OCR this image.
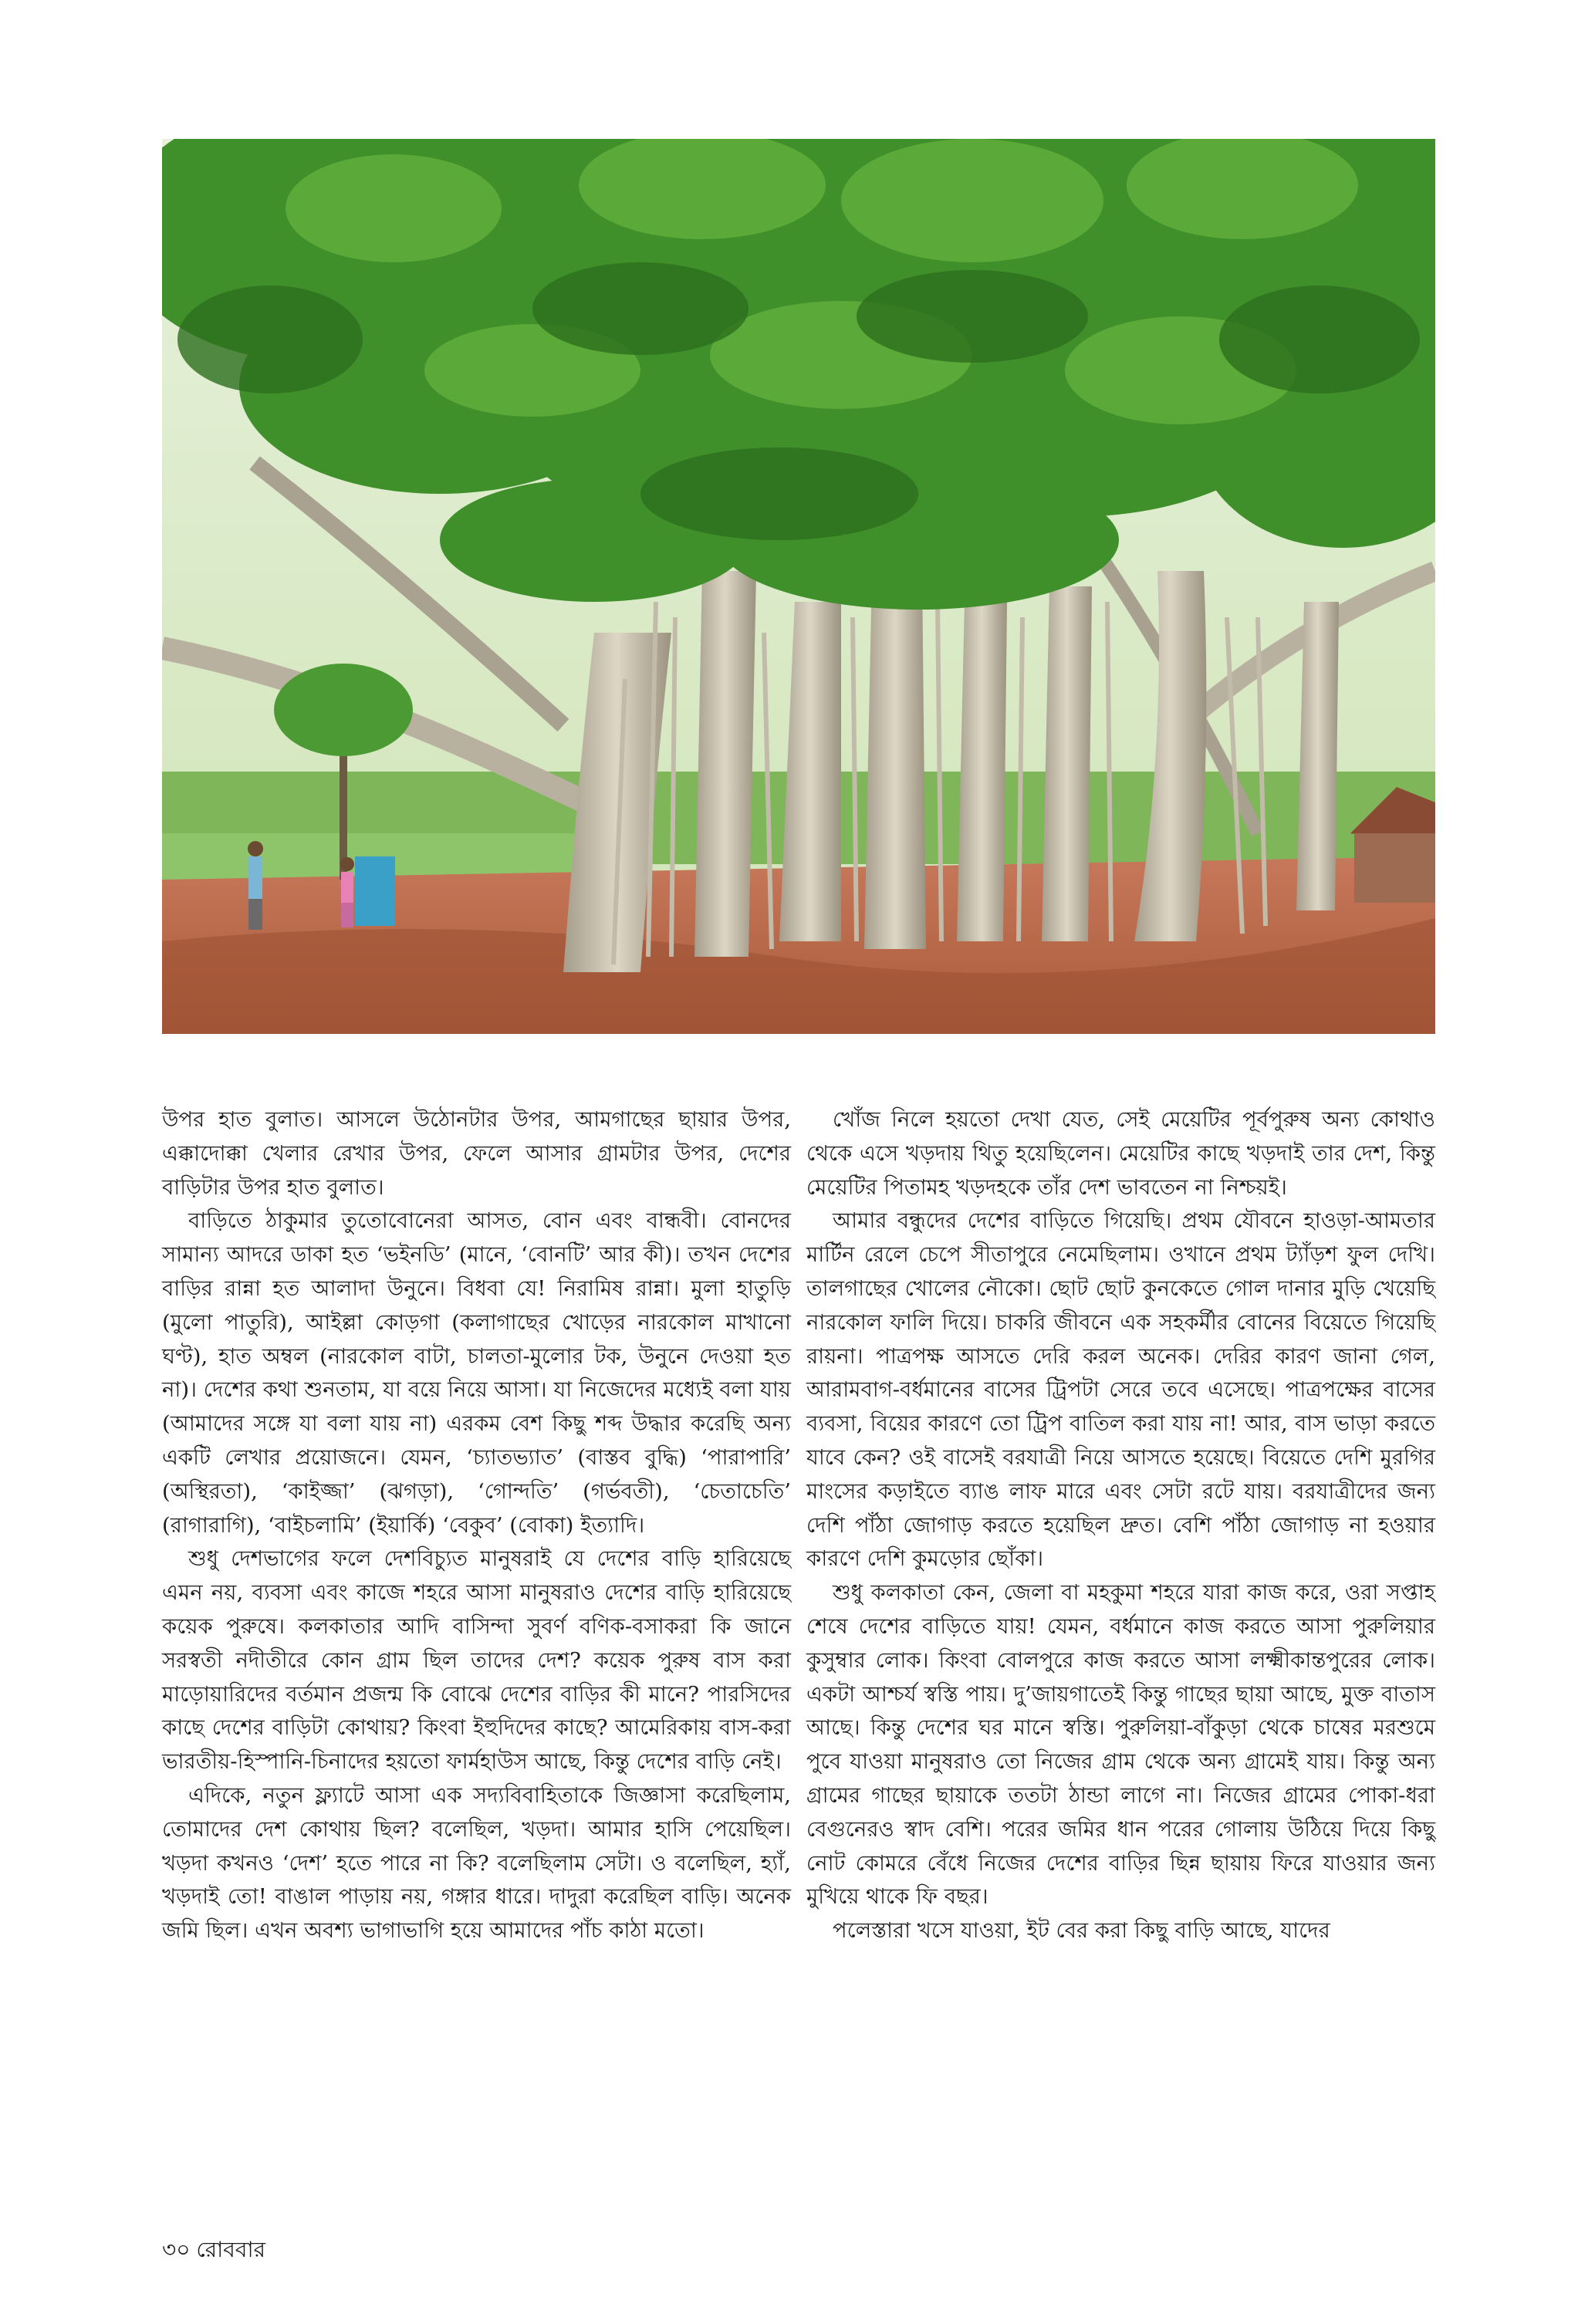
উপর হাত বুলাত। আসলে উঠোনটার উপর, আমগাছের ছায়ার উপর, এক্কাদোক্কা খেলার রেখার উপর, ফেলে আসার গ্রামটার উপর, দেশের বাড়িটার উপর হাত বুলাত।

বাড়িতে ঠাকুমার তুতোবোনেরা আসত, বোন এবং বান্ধবী। বোনদের সামান্য আদরে ডাকা হত ‘ভইনডি’ (মানে, ‘বোনটি’ আর কী)। তখন দেশের বাড়ির রান্না হত আলাদা উনুনে। বিধবা যে! নিরামিষ রান্না। মুলা হাতুড়ি (মুলো পাতুরি), আইল্লা কোড়গা (কলাগাছের খোড়ের নারকোল মাখানো ঘণ্ট), হাত অম্বল (নারকোল বাটা, চালতা-মুলোর টক, উনুনে দেওয়া হত না)। দেশের কথা শুনতাম, যা বয়ে নিয়ে আসা। যা নিজেদের মধ্যেই বলা যায় (আমাদের সঙ্গে যা বলা যায় না) এরকম বেশ কিছু শব্দ উদ্ধার করেছি অন্য একটি লেখার প্রয়োজনে। যেমন, ‘চ্যাতভ্যাত’ (বাস্তব বুদ্ধি) ‘পারাপারি’ (অস্থিরতা), ‘কাইজ্জা’ (ঝগড়া), ‘গোন্দতি’ (গর্ভবতী), ‘চেতাচেতি’ (রাগারাগি), ‘বাইচলামি’ (ইয়ার্কি) ‘বেকুব’ (বোকা) ইত্যাদি।

শুধু দেশভাগের ফলে দেশবিচ্যুত মানুষরাই যে দেশের বাড়ি হারিয়েছে এমন নয়, ব্যবসা এবং কাজে শহরে আসা মানুষরাও দেশের বাড়ি হারিয়েছে কয়েক পুরুষে। কলকাতার আদি বাসিন্দা সুবর্ণ বণিক-বসাকরা কি জানে সরস্বতী নদীতীরে কোন গ্রাম ছিল তাদের দেশ? কয়েক পুরুষ বাস করা মাড়োয়ারিদের বর্তমান প্রজন্ম কি বোঝে দেশের বাড়ির কী মানে? পারসিদের কাছে দেশের বাড়িটা কোথায়? কিংবা ইহুদিদের কাছে? আমেরিকায় বাস-করা ভারতীয়-হিস্পানি-চিনাদের হয়তো ফার্মহাউস আছে, কিন্তু দেশের বাড়ি নেই।

এদিকে, নতুন ফ্ল্যাটে আসা এক সদ্যবিবাহিতাকে জিজ্ঞাসা করেছিলাম, তোমাদের দেশ কোথায় ছিল? বলেছিল, খড়দা। আমার হাসি পেয়েছিল। খড়দা কখনও ‘দেশ’ হতে পারে না কি? বলেছিলাম সেটা। ও বলেছিল, হ্যাঁ, খড়দাই তো! বাঙাল পাড়ায় নয়, গঙ্গার ধারে। দাদুরা করেছিল বাড়ি। অনেক জমি ছিল। এখন অবশ্য ভাগাভাগি হয়ে আমাদের পাঁচ কাঠা মতো।

খোঁজ নিলে হয়তো দেখা যেত, সেই মেয়েটির পূর্বপুরুষ অন্য কোথাও থেকে এসে খড়দায় থিতু হয়েছিলেন। মেয়েটির কাছে খড়দাই তার দেশ, কিন্তু মেয়েটির পিতামহ খড়দহকে তাঁর দেশ ভাবতেন না নিশ্চয়ই।

আমার বন্ধুদের দেশের বাড়িতে গিয়েছি। প্রথম যৌবনে হাওড়া-আমতার মার্টিন রেলে চেপে সীতাপুরে নেমেছিলাম। ওখানে প্রথম ট্যাঁড়শ ফুল দেখি। তালগাছের খোলের নৌকো। ছোট ছোট কুনকেতে গোল দানার মুড়ি খেয়েছি নারকোল ফালি দিয়ে। চাকরি জীবনে এক সহকর্মীর বোনের বিয়েতে গিয়েছি রায়না। পাত্রপক্ষ আসতে দেরি করল অনেক। দেরির কারণ জানা গেল, আরামবাগ-বর্ধমানের বাসের ট্রিপটা সেরে তবে এসেছে। পাত্রপক্ষের বাসের ব্যবসা, বিয়ের কারণে তো ট্রিপ বাতিল করা যায় না! আর, বাস ভাড়া করতে যাবে কেন? ওই বাসেই বরযাত্রী নিয়ে আসতে হয়েছে। বিয়েতে দেশি মুরগির মাংসের কড়াইতে ব্যাঙ লাফ মারে এবং সেটা রটে যায়। বরযাত্রীদের জন্য দেশি পাঁঠা জোগাড় করতে হয়েছিল দ্রুত। বেশি পাঁঠা জোগাড় না হওয়ার কারণে দেশি কুমড়োর ছোঁকা।

শুধু কলকাতা কেন, জেলা বা মহকুমা শহরে যারা কাজ করে, ওরা সপ্তাহ শেষে দেশের বাড়িতে যায়! যেমন, বর্ধমানে কাজ করতে আসা পুরুলিয়ার কুসুম্বার লোক। কিংবা বোলপুরে কাজ করতে আসা লক্ষ্মীকান্তপুরের লোক। একটা আশ্চর্য স্বস্তি পায়। দু’জায়গাতেই কিন্তু গাছের ছায়া আছে, মুক্ত বাতাস আছে। কিন্তু দেশের ঘর মানে স্বস্তি। পুরুলিয়া-বাঁকুড়া থেকে চাষের মরশুমে পুবে যাওয়া মানুষরাও তো নিজের গ্রাম থেকে অন্য গ্রামেই যায়। কিন্তু অন্য গ্রামের গাছের ছায়াকে ততটা ঠান্ডা লাগে না। নিজের গ্রামের পোকা-ধরা বেগুনেরও স্বাদ বেশি। পরের জমির ধান পরের গোলায় উঠিয়ে দিয়ে কিছু নোট কোমরে বেঁধে নিজের দেশের বাড়ির ছিন্ন ছায়ায় ফিরে যাওয়ার জন্য মুখিয়ে থাকে ফি বছর।

পলেস্তারা খসে যাওয়া, ইট বের করা কিছু বাড়ি আছে, যাদের

৩০ রোববার
